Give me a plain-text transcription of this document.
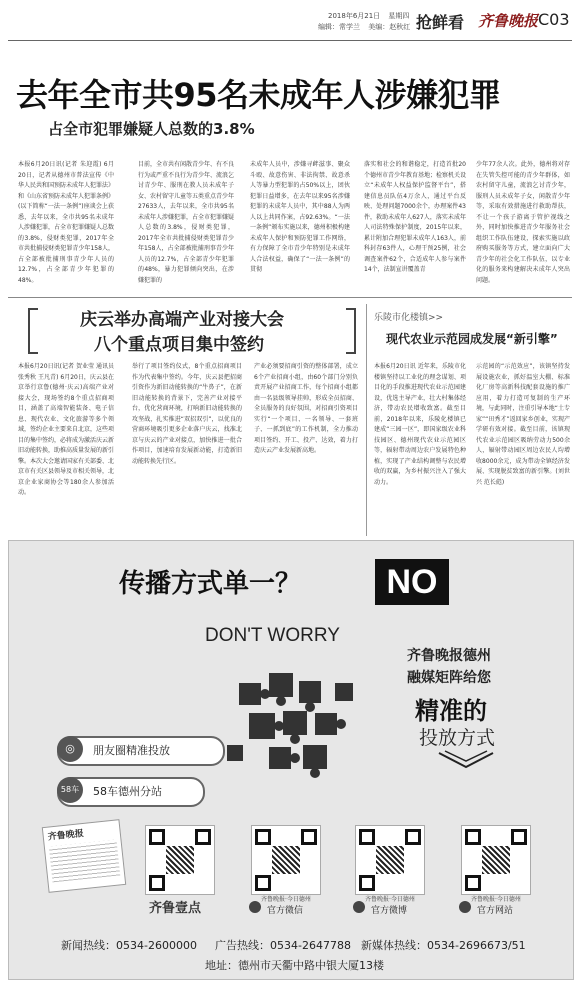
2018年6月21日 星期四
编辑：常学兰 美编：赵秋红 抢鲜看 齐鲁晚报 C03
去年全市共95名未成年人涉嫌犯罪
占全市犯罪嫌疑人总数的3.8%
本报6月20日讯(记者 朱迎霞) 6月20日，记者从德州市普法宣传《中华人民共和国预防未成年人犯罪法》和《山东省预防未成年人犯罪条例》(以下简称“一法一条例”)座谈会上获悉，去年以来，全市共95名未成年人涉嫌犯罪，占全市犯罪嫌疑人总数的3.8%，侵财类犯罪，2017年全市共批捕侵财类犯罪青少年158人，占全部被批捕刑事青少年人员的12.7%，占全部青少年犯罪的48%。
目前，全市共有闲散青少年、有不良行为或严重不良行为青少年、流浪乞讨青少年、服刑在教人员未成年子女、农村留守儿童等五类重点青少年27633人，去年以来，全市共95名未成年人涉嫌犯罪，占全市犯罪嫌疑人总数的3.8%，侵财类犯罪，2017年全市共批捕侵财类犯罪青少年158人，占全部被批捕刑事青少年人员的12.7%，占全部青少年犯罪的48%，暴力犯罪倾向突出，在涉嫌犯罪的
未成年人员中，涉嫌寻衅滋事、聚众斗殴、故意伤害、非法拘禁、故意杀人等暴力型犯罪的占50%以上，团伙犯罪日益增多，在去年以来95名涉嫌犯罪的未成年人员中，其中88人为两人以上共同作案，占92.63%。“一法一条例”颁布实施以来，德州积极构建未成年人保护和预防犯罪工作网络，有力保障了全市青少年特别是未成年人合法权益，确保了“一法一条例”的贯彻
落实和社会的和谐稳定，打造首批20个德州市青少年教育基地；检察机关设立“未成年人权益保护监督平台”，搭建信息员队伍4万余人，通过平台反映、处理问题7000余个，办理案件43件，救助未成年人627人，落实未成年人司法特殊保护制度，2015年以来，累计附加合理犯罪未成年人163人，前科封存63件人，心理干预25例，社会调查案件62个，合适成年人参与案件14个，法制宣讲覆盖青
少年77余人次。此外，德州将对存在失管失控可能的青少年群体，如农村留守儿童，流浪乞讨青少年，服刑人员未成年子女，闲散青少年等，采取有效措施进行救助帮扶，不让一个孩子游离于管护视线之外，同时加快推进青少年服务社会组织工作队伍建设，探索实施以政府购买服务等方式，建立面向广大青少年的社会化工作队伍，以专业化的服务来构建解决未成年人突出问题。
庆云举办高端产业对接大会
八个重点项目集中签约
本报6月20日讯(记者 贺业莹 通讯员 张秀秋 王凡青) 6月20日，庆云县在京举行京鲁(德州·庆云)高端产业对接大会，现场签约8个重点招商项目，涵盖了高端智能装备、电子信息、现代农业、文化旅游等多个领域，签约企业主要来自北京，这些项目的集中签约，必将成为激活庆云新旧动能转换，助推高质量发展的新引擎。本次大会邀请国家有关部委、北京市有关区县领导及市相关领导，北京企业家商协会等180余人参加活动。
举行了项目签约仪式，8个重点招商项目作为代表集中签约。今年，庆云县把招商引资作为新旧动能转换的“牛鼻子”，在新旧动能转换的背景下，完善产业对接平台，优化营商环境，打响新旧动能转换的攻坚战，扎实推进“双招双引”，以优良的营商环境吸引更多企业落户庆云，找准北京与庆云的产业对接点，加快推进一批合作项目，加速培育发展新动能，打造新旧动能转换先行区。
产业必须要招商引资的整体部署，成立6个产业招商小组，由60个部门分别负责开展产业招商工作，每个招商小组都由一名县级领导挂帅，形成全员招商、全员服务的良好氛围，对招商引资项目实行“一个项目、一名领导、一套班子、一抓到底”的工作机制，全力推动项目签约、开工、投产、达效，着力打造庆云产业发展新高地。
乐陵市化楼镇>>
现代农业示范园成发展“新引擎”
本报6月20日讯 近年来，乐陵市化楼镇坚持以工业化的理念谋划、项目化的手段推进现代农业示范园建设，优选主导产业，壮大村集体经济，带动农民增收致富。截至目前，2018年以来，乐陵化楼镇已建成“三园一区”，即国家级农业科技园区、德州现代农业示范园区等，辐射带动周边农户发展特色种植，实现了产业结构调整与农民增收的双赢，为乡村振兴注入了强大动力。
示范园的“示范效应”，该镇坚持发展设施农业，抓好温室大棚、标准化厂房等高新科技配套设施的推广应用，着力打造可复制的生产环境，与此同时，注重引导本地“土专家”“田秀才”返回家乡创业，实现产学研有效对接。截至目前，该镇现代农业示范园区吸纳劳动力500余人，辐射带动园区周边农民人均增收8000余元，成为带动全镇经济发展、实现脱贫致富的新引擎。(刘世兴 范长彪)
传播方式单一？	NO
DON'T WORRY
齐鲁晚报德州
融媒矩阵给您
精准的
投放方式
◎	朋友圈精准投放
58车	58车德州分站
齐鲁晚报
齐鲁壹点
齐鲁晚报·今日德州
官方微信
齐鲁晚报·今日德州
官方微博
齐鲁晚报·今日德州
官方网站
新闻热线：0534-2600000 广告热线：0534-2647788 新媒体热线：0534-2696673/51
地址：德州市天衢中路中银大厦13楼
